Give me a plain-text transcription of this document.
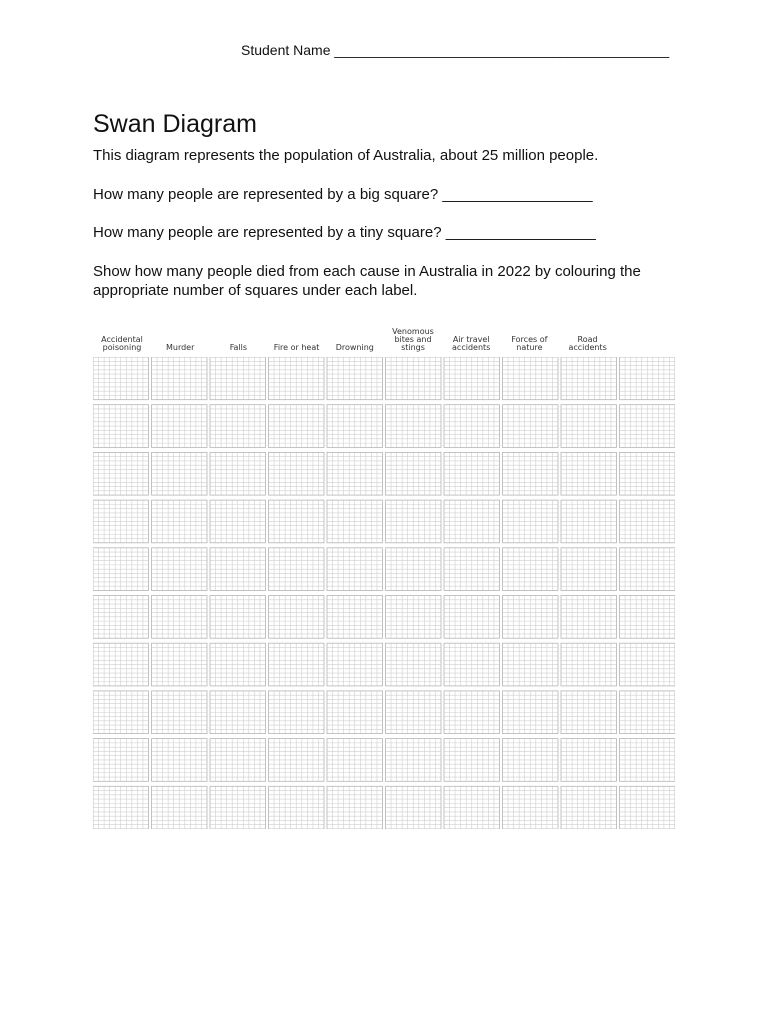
Student Name ___________________________________________
Swan Diagram

This diagram represents the population of Australia, about 25 million people.

How many people are represented by a big square? __________________

How many people are represented by a tiny square? __________________

Show how many people died from each cause in Australia in 2022 by colouring the appropriate number of squares under each label.

Accidental poisoning	Murder	Falls	Fire or heat	Drowning
Venomous bites and stings
Air travel accidents
Forces of nature
Road accidents
